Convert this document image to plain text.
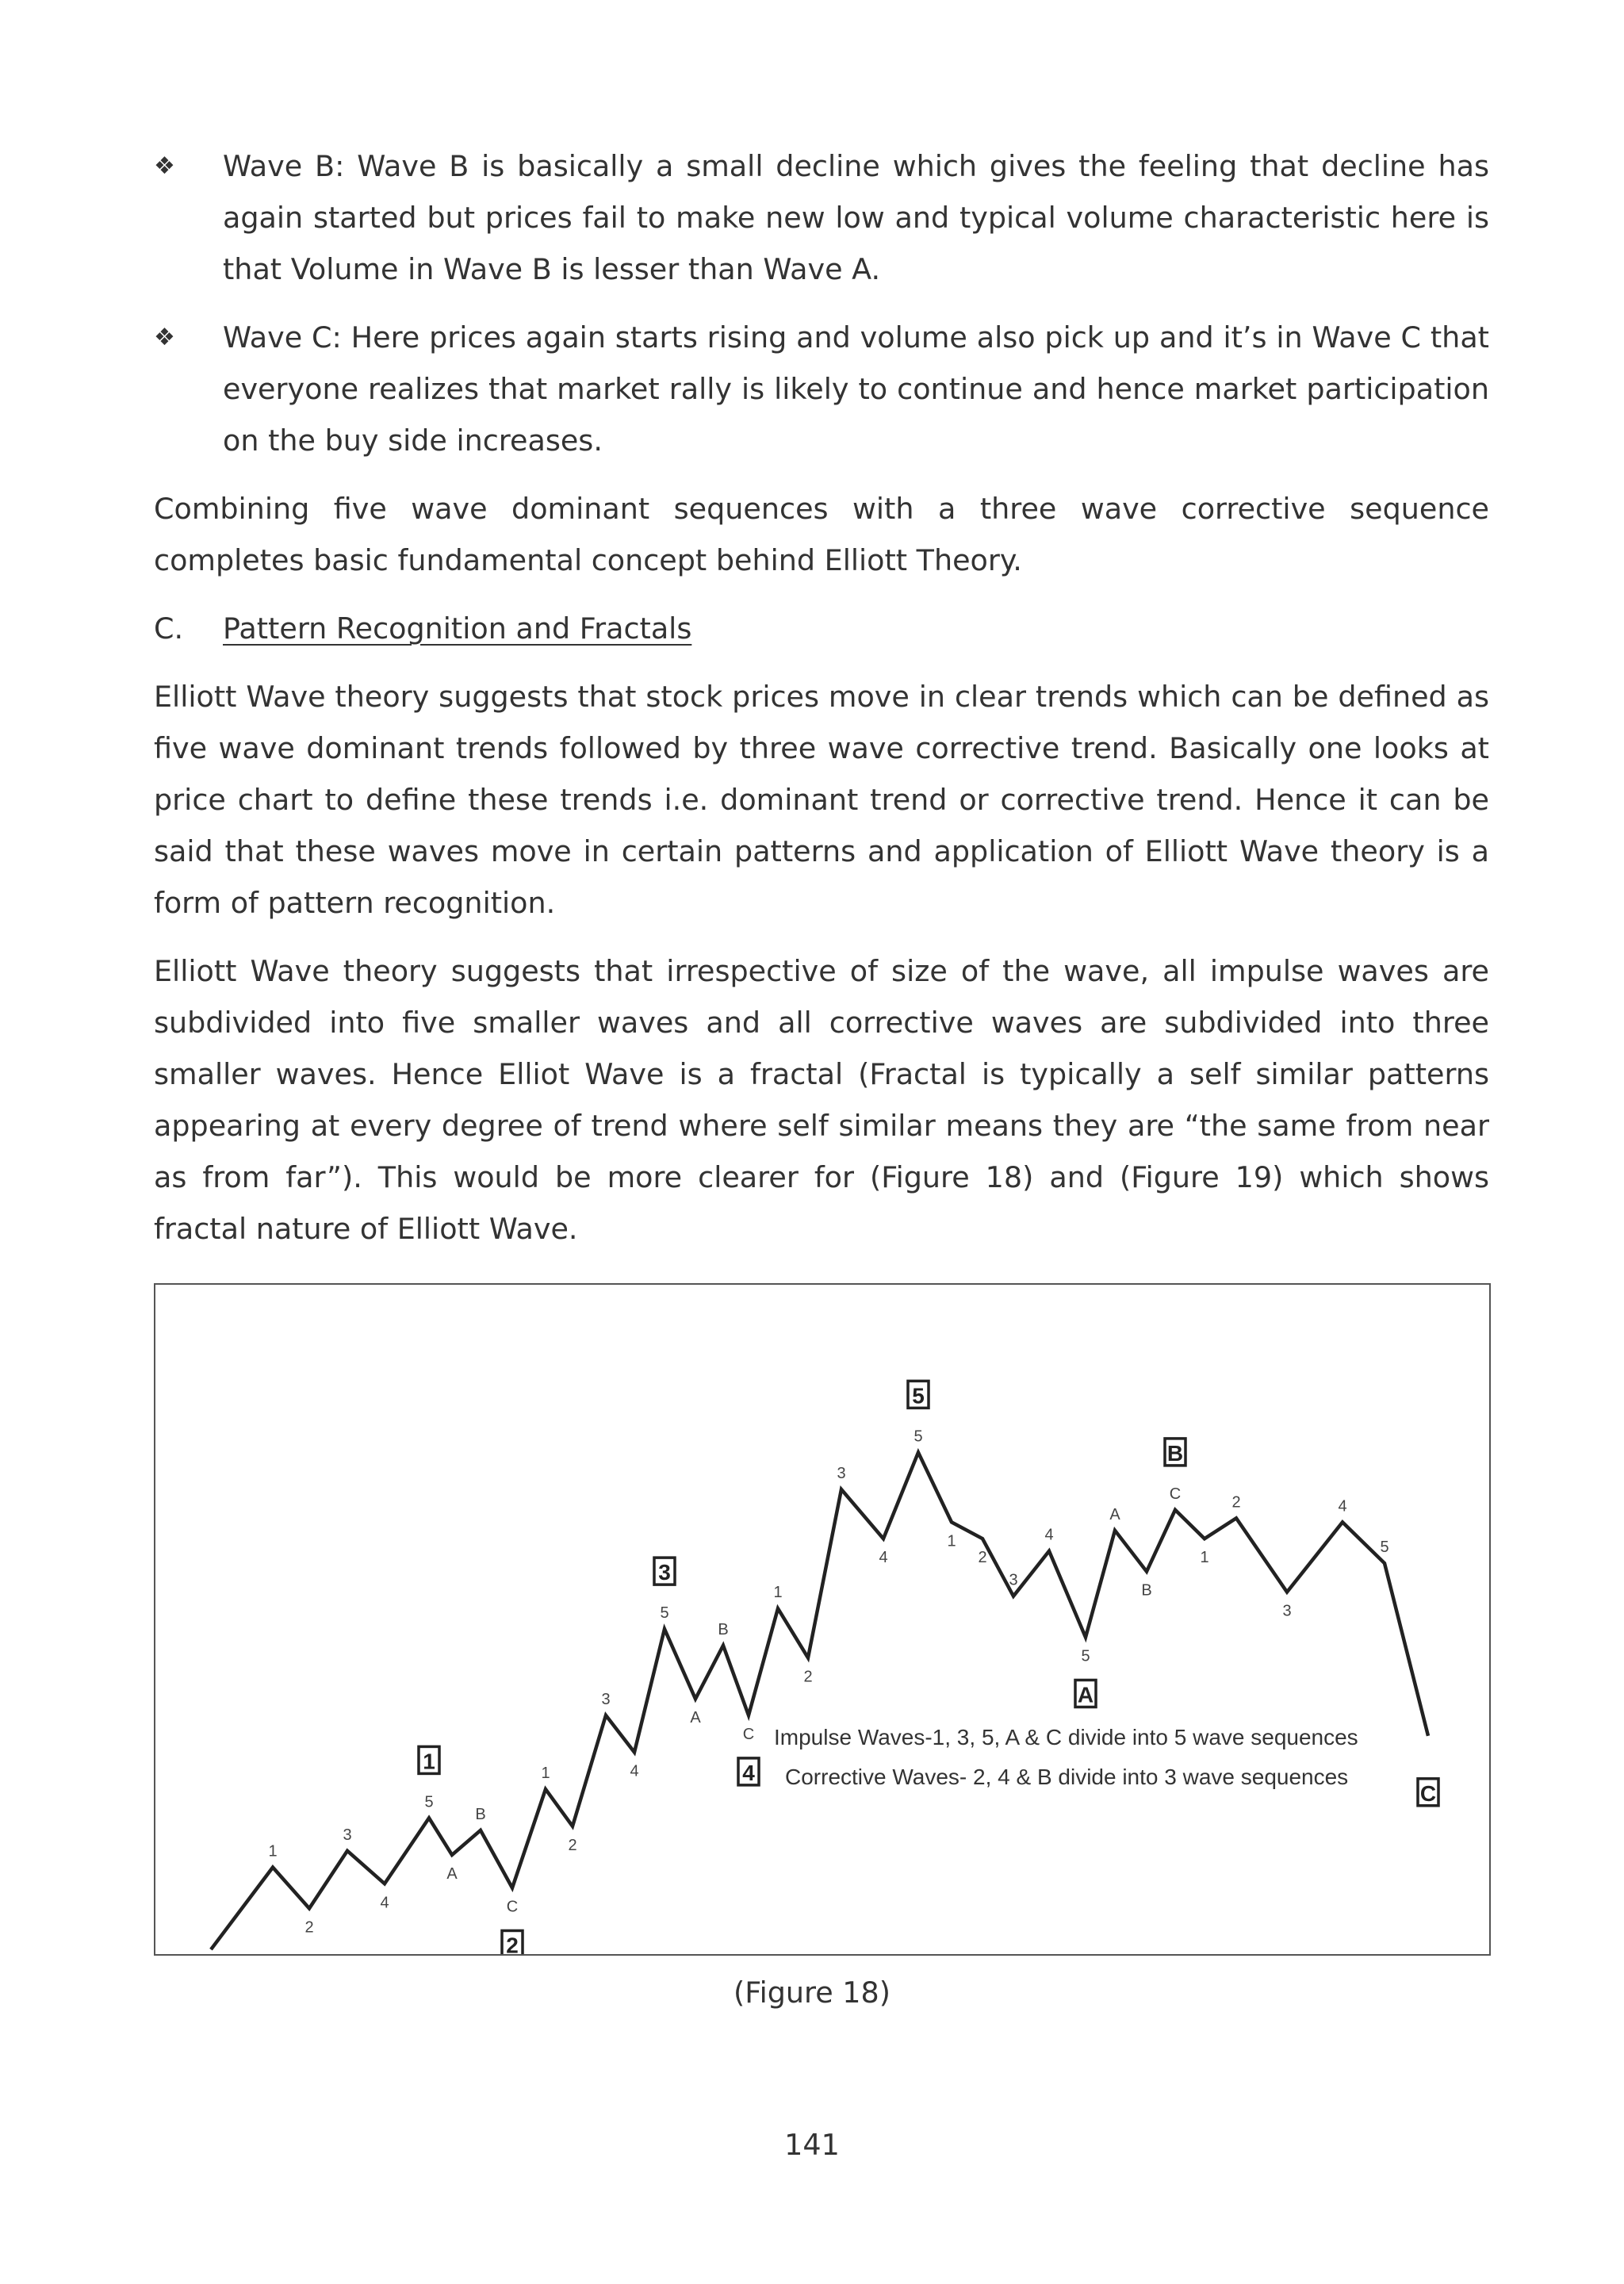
❖ Wave B: Wave B is basically a small decline which gives the feeling that decline has again started but prices fail to make new low and typical volume characteristic here is that Volume in Wave B is lesser than Wave A.

❖ Wave C: Here prices again starts rising and volume also pick up and it’s in Wave C that everyone realizes that market rally is likely to continue and hence market participation on the buy side increases.

Combining five wave dominant sequences with a three wave corrective sequence completes basic fundamental concept behind Elliott Theory.

C. Pattern Recognition and Fractals

Elliott Wave theory suggests that stock prices move in clear trends which can be defined as five wave dominant trends followed by three wave corrective trend. Basically one looks at price chart to define these trends i.e. dominant trend or corrective trend. Hence it can be said that these waves move in certain patterns and application of Elliott Wave theory is a form of pattern recognition.

Elliott Wave theory suggests that irrespective of size of the wave, all impulse waves are subdivided into five smaller waves and all corrective waves are subdivided into three smaller waves. Hence Elliot Wave is a fractal (Fractal is typically a self similar patterns appearing at every degree of trend where self similar means they are “the same from near as from far”). This would be more clearer for (Figure 18) and (Figure 19) which shows fractal nature of Elliott Wave.

1
2
3
4
5
A
B
C
1
2
3
4
5
A
B
C
1
2
3
4
5
1
2
3
4
5
A
B
C
1
2
3
4
5
1
2
3
4
5
A
B
C
Impulse Waves-1, 3, 5, A & C divide into 5 wave sequences
Corrective Waves- 2, 4 & B divide into 3 wave sequences
(Figure 18)
141
